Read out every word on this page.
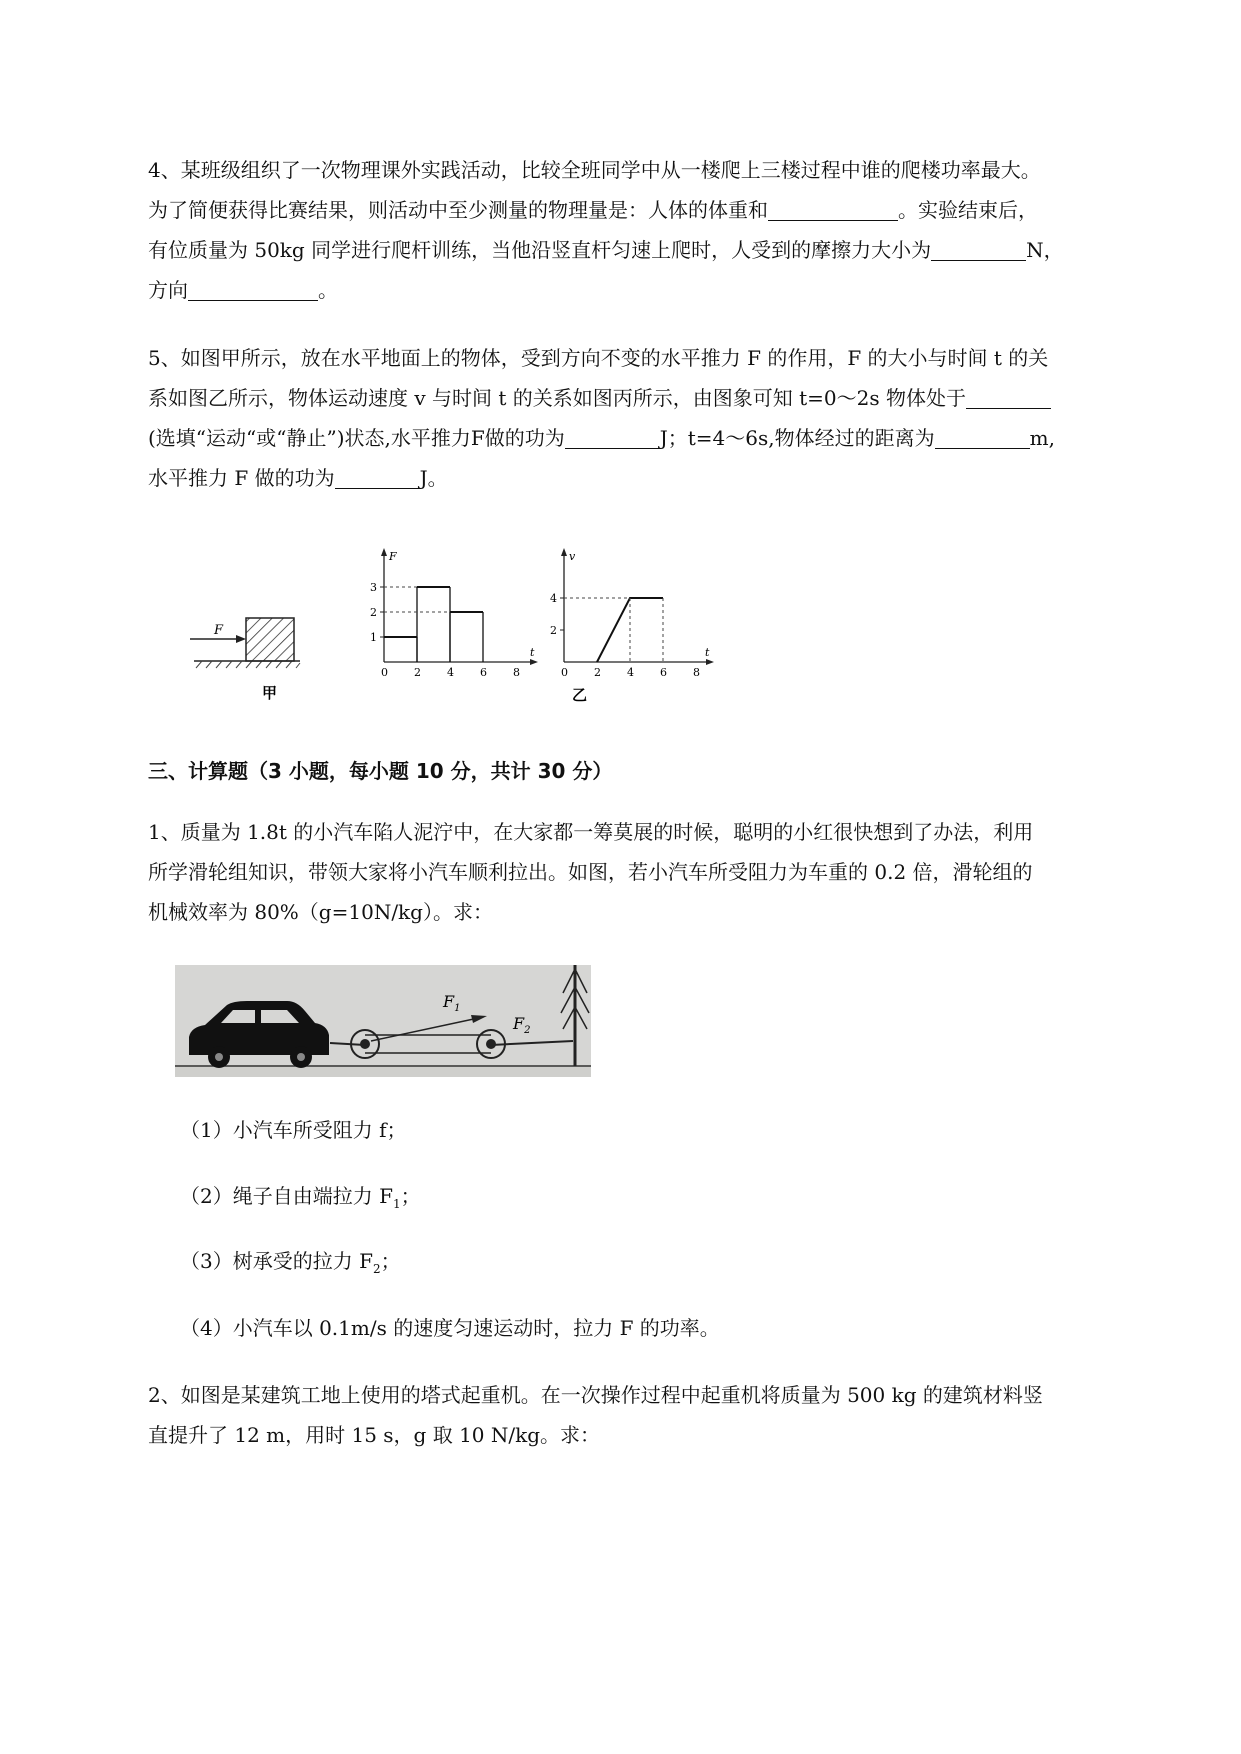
4、某班级组织了一次物理课外实践活动，比较全班同学中从一楼爬上三楼过程中谁的爬楼功率最大。
为了简便获得比赛结果，则活动中至少测量的物理量是：人体的体重和	。实验结束后，
有位质量为 50kg 同学进行爬杆训练，当他沿竖直杆匀速上爬时，人受到的摩擦力大小为	N，
方向	。
5、如图甲所示，放在水平地面上的物体，受到方向不变的水平推力 F 的作用，F 的大小与时间 t 的关
系如图乙所示，物体运动速度 v 与时间 t 的关系如图丙所示，由图象可知 t=0～2s 物体处于
(选填“运动“或“静止”)状态,水平推力F做的功为	J；t=4～6s,物体经过的距离为	m,
水平推力 F 做的功为	J。
F
甲
F
t
0 2 4 6 8
1
2
3
v
t
0 2 4 6 8
2
4
乙
三、计算题（3 小题，每小题 10 分，共计 30 分）
1、质量为 1.8t 的小汽车陷人泥泞中，在大家都一筹莫展的时候，聪明的小红很快想到了办法，利用
所学滑轮组知识，带领大家将小汽车顺利拉出。如图，若小汽车所受阻力为车重的 0.2 倍，滑轮组的
机械效率为 80%（g=10N/kg）。求：
$F_1$
$F_2$
（1）小汽车所受阻力 f；
（2）绳子自由端拉力 $F_1$；
（3）树承受的拉力 $F_2$；
（4）小汽车以 0.1m/s 的速度匀速运动时，拉力 F 的功率。
2、如图是某建筑工地上使用的塔式起重机。在一次操作过程中起重机将质量为 500 kg 的建筑材料竖
直提升了 12 m，用时 15 s，g 取 10 N/kg。求：
